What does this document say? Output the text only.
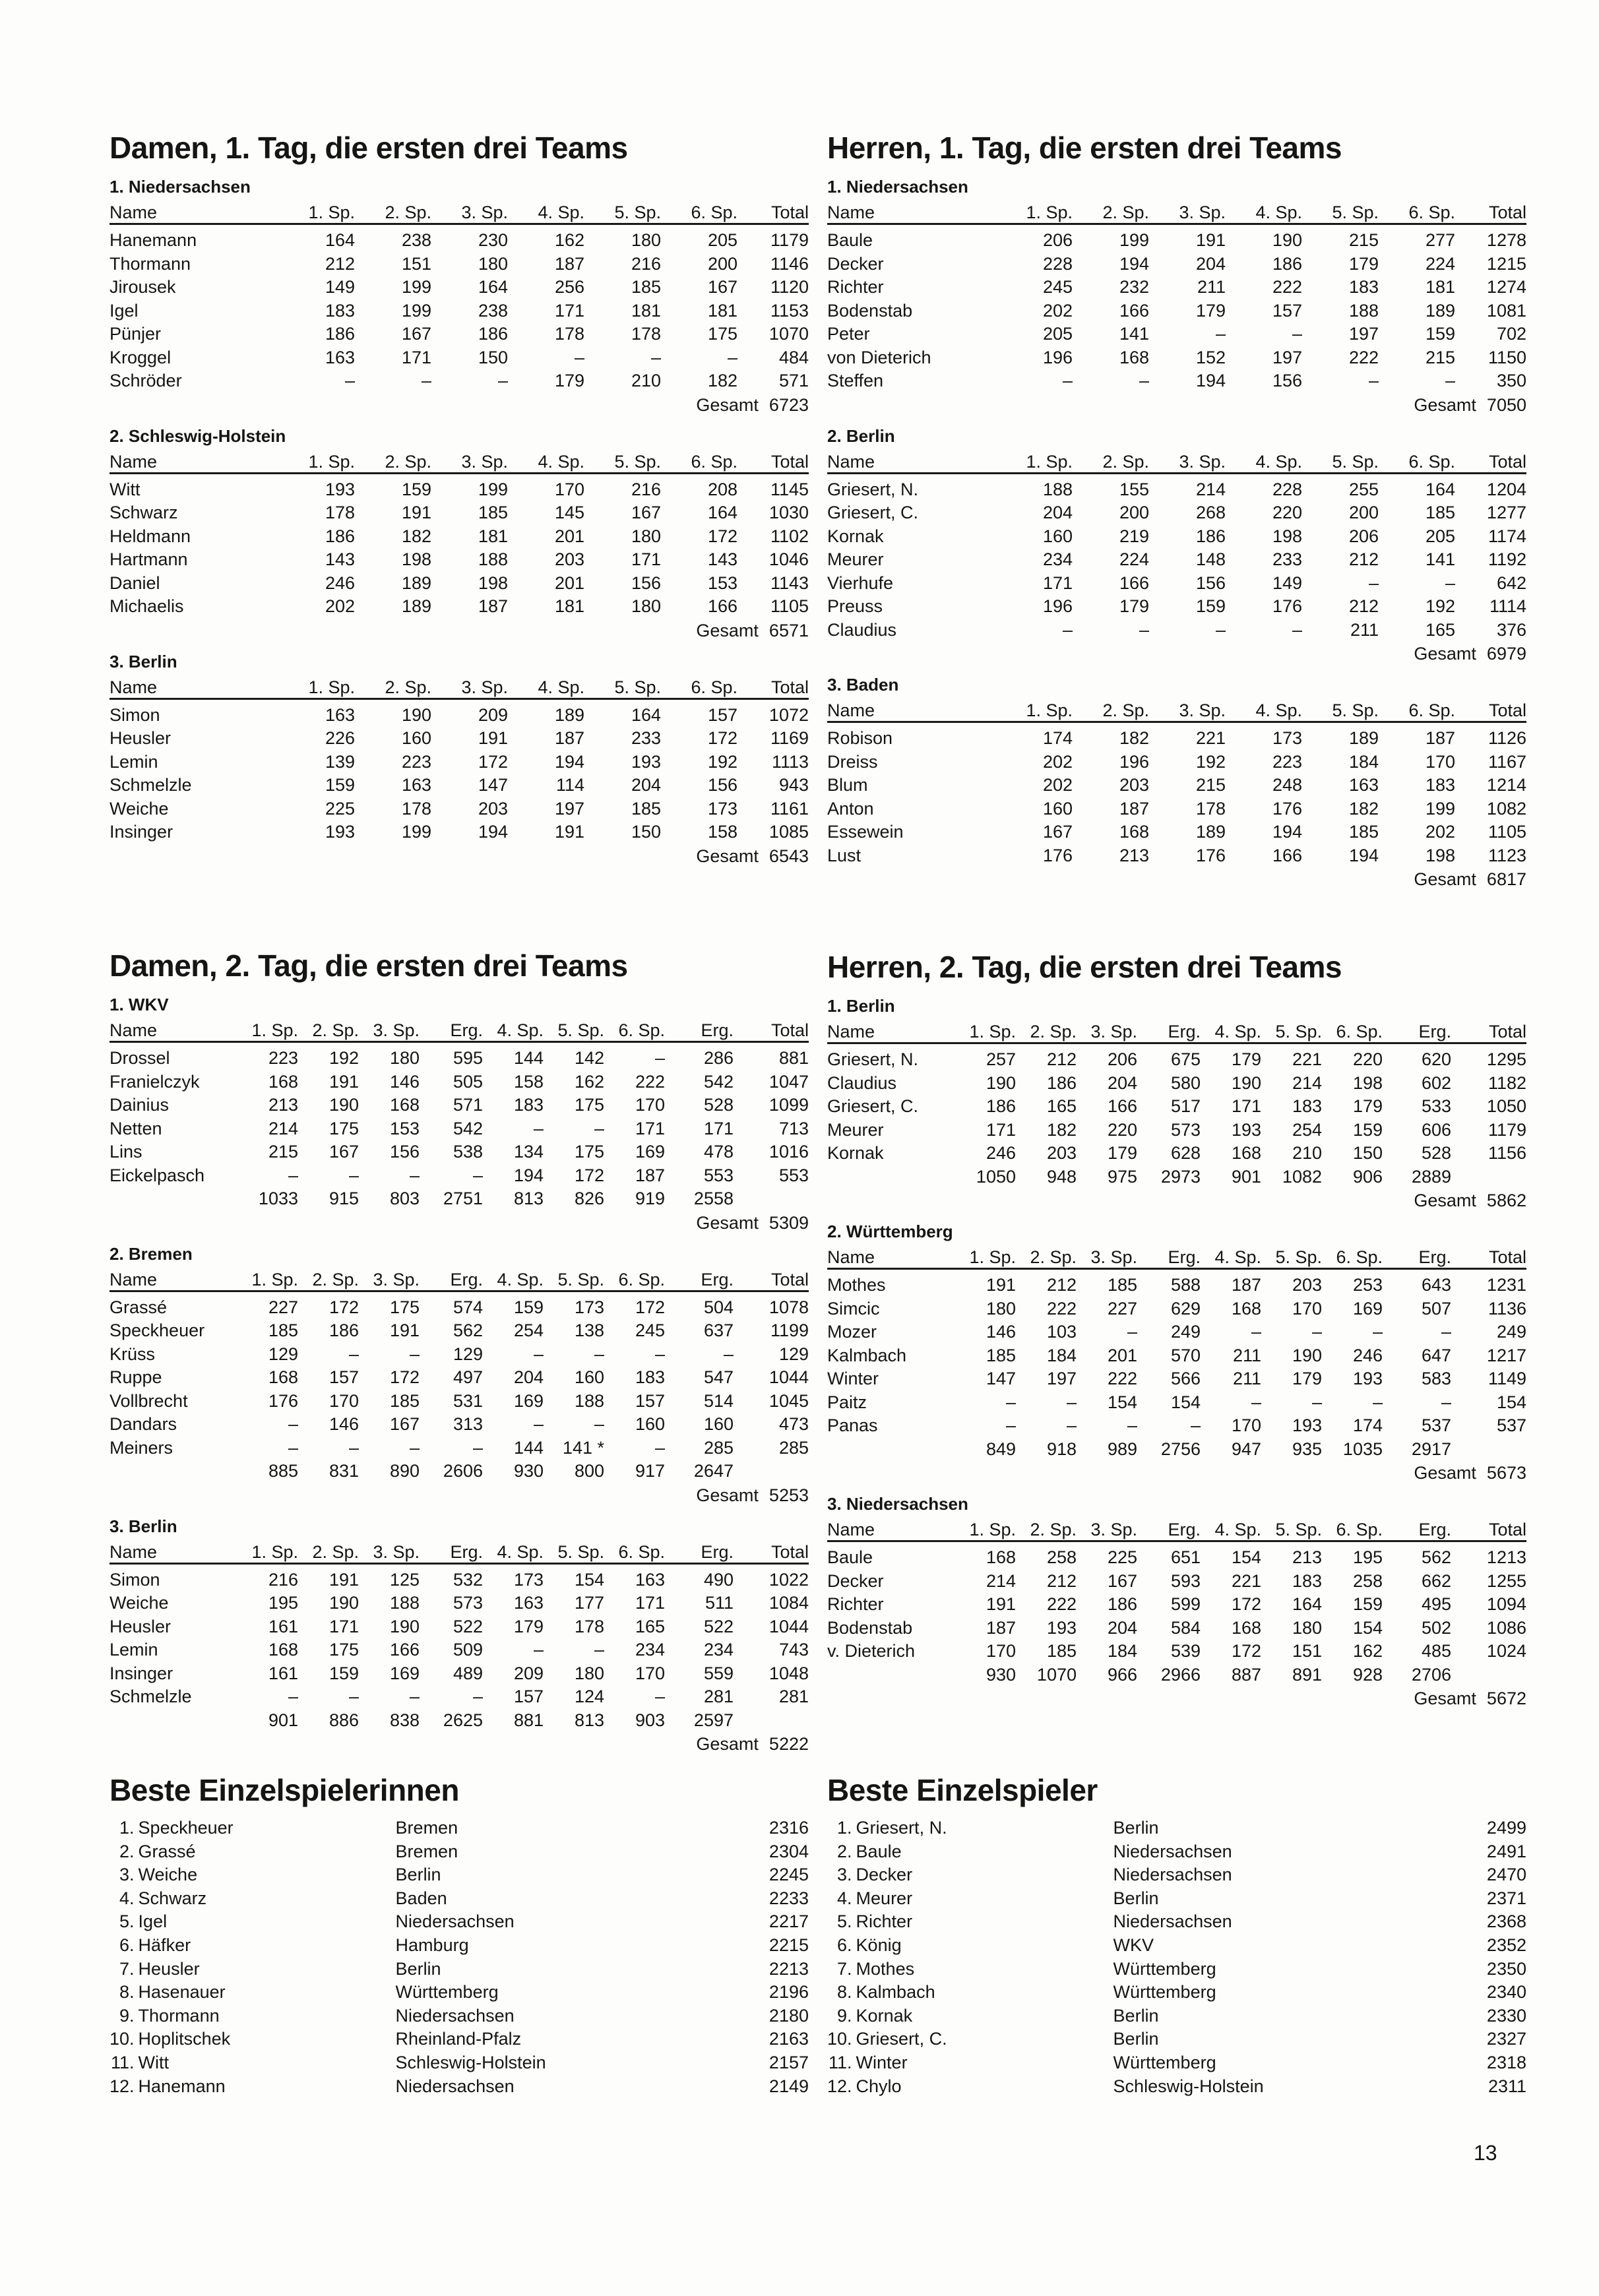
Damen, 1. Tag, die ersten drei Teams
1. Niedersachsen
Name	1. Sp.	2. Sp.	3. Sp.	4. Sp.	5. Sp.	6. Sp.	Total
Hanemann	164	238	230	162	180	205	1179
Thormann	212	151	180	187	216	200	1146
Jirousek	149	199	164	256	185	167	1120
Igel	183	199	238	171	181	181	1153
Pünjer	186	167	186	178	178	175	1070
Kroggel	163	171	150	–	–	–	484
Schröder	–	–	–	179	210	182	571
Gesamt 6723
2. Schleswig-Holstein
Name	1. Sp.	2. Sp.	3. Sp.	4. Sp.	5. Sp.	6. Sp.	Total
Witt	193	159	199	170	216	208	1145
Schwarz	178	191	185	145	167	164	1030
Heldmann	186	182	181	201	180	172	1102
Hartmann	143	198	188	203	171	143	1046
Daniel	246	189	198	201	156	153	1143
Michaelis	202	189	187	181	180	166	1105
Gesamt 6571
3. Berlin
Name	1. Sp.	2. Sp.	3. Sp.	4. Sp.	5. Sp.	6. Sp.	Total
Simon	163	190	209	189	164	157	1072
Heusler	226	160	191	187	233	172	1169
Lemin	139	223	172	194	193	192	1113
Schmelzle	159	163	147	114	204	156	943
Weiche	225	178	203	197	185	173	1161
Insinger	193	199	194	191	150	158	1085
Gesamt 6543
Herren, 1. Tag, die ersten drei Teams
1. Niedersachsen
Name	1. Sp.	2. Sp.	3. Sp.	4. Sp.	5. Sp.	6. Sp.	Total
Baule	206	199	191	190	215	277	1278
Decker	228	194	204	186	179	224	1215
Richter	245	232	211	222	183	181	1274
Bodenstab	202	166	179	157	188	189	1081
Peter	205	141	–	–	197	159	702
von Dieterich	196	168	152	197	222	215	1150
Steffen	–	–	194	156	–	–	350
Gesamt 7050
2. Berlin
Name	1. Sp.	2. Sp.	3. Sp.	4. Sp.	5. Sp.	6. Sp.	Total
Griesert, N.	188	155	214	228	255	164	1204
Griesert, C.	204	200	268	220	200	185	1277
Kornak	160	219	186	198	206	205	1174
Meurer	234	224	148	233	212	141	1192
Vierhufe	171	166	156	149	–	–	642
Preuss	196	179	159	176	212	192	1114
Claudius	–	–	–	–	211	165	376
Gesamt 6979
3. Baden
Name	1. Sp.	2. Sp.	3. Sp.	4. Sp.	5. Sp.	6. Sp.	Total
Robison	174	182	221	173	189	187	1126
Dreiss	202	196	192	223	184	170	1167
Blum	202	203	215	248	163	183	1214
Anton	160	187	178	176	182	199	1082
Essewein	167	168	189	194	185	202	1105
Lust	176	213	176	166	194	198	1123
Gesamt 6817
Damen, 2. Tag, die ersten drei Teams
1. WKV
Name	1. Sp.	2. Sp.	3. Sp.	Erg.	4. Sp.	5. Sp.	6. Sp.	Erg.	Total
Drossel	223	192	180	595	144	142	–	286	881
Franielczyk	168	191	146	505	158	162	222	542	1047
Dainius	213	190	168	571	183	175	170	528	1099
Netten	214	175	153	542	–	–	171	171	713
Lins	215	167	156	538	134	175	169	478	1016
Eickelpasch	–	–	–	–	194	172	187	553	553
	1033	915	803	2751	813	826	919	2558	
Gesamt 5309
2. Bremen
Name	1. Sp.	2. Sp.	3. Sp.	Erg.	4. Sp.	5. Sp.	6. Sp.	Erg.	Total
Grassé	227	172	175	574	159	173	172	504	1078
Speckheuer	185	186	191	562	254	138	245	637	1199
Krüss	129	–	–	129	–	–	–	–	129
Ruppe	168	157	172	497	204	160	183	547	1044
Vollbrecht	176	170	185	531	169	188	157	514	1045
Dandars	–	146	167	313	–	–	160	160	473
Meiners	–	–	–	–	144	141 *	–	285	285
	885	831	890	2606	930	800	917	2647	
Gesamt 5253
3. Berlin
Name	1. Sp.	2. Sp.	3. Sp.	Erg.	4. Sp.	5. Sp.	6. Sp.	Erg.	Total
Simon	216	191	125	532	173	154	163	490	1022
Weiche	195	190	188	573	163	177	171	511	1084
Heusler	161	171	190	522	179	178	165	522	1044
Lemin	168	175	166	509	–	–	234	234	743
Insinger	161	159	169	489	209	180	170	559	1048
Schmelzle	–	–	–	–	157	124	–	281	281
	901	886	838	2625	881	813	903	2597	
Gesamt 5222
Herren, 2. Tag, die ersten drei Teams
1. Berlin
Name	1. Sp.	2. Sp.	3. Sp.	Erg.	4. Sp.	5. Sp.	6. Sp.	Erg.	Total
Griesert, N.	257	212	206	675	179	221	220	620	1295
Claudius	190	186	204	580	190	214	198	602	1182
Griesert, C.	186	165	166	517	171	183	179	533	1050
Meurer	171	182	220	573	193	254	159	606	1179
Kornak	246	203	179	628	168	210	150	528	1156
	1050	948	975	2973	901	1082	906	2889	
Gesamt 5862
2. Württemberg
Name	1. Sp.	2. Sp.	3. Sp.	Erg.	4. Sp.	5. Sp.	6. Sp.	Erg.	Total
Mothes	191	212	185	588	187	203	253	643	1231
Simcic	180	222	227	629	168	170	169	507	1136
Mozer	146	103	–	249	–	–	–	–	249
Kalmbach	185	184	201	570	211	190	246	647	1217
Winter	147	197	222	566	211	179	193	583	1149
Paitz	–	–	154	154	–	–	–	–	154
Panas	–	–	–	–	170	193	174	537	537
	849	918	989	2756	947	935	1035	2917	
Gesamt 5673
3. Niedersachsen
Name	1. Sp.	2. Sp.	3. Sp.	Erg.	4. Sp.	5. Sp.	6. Sp.	Erg.	Total
Baule	168	258	225	651	154	213	195	562	1213
Decker	214	212	167	593	221	183	258	662	1255
Richter	191	222	186	599	172	164	159	495	1094
Bodenstab	187	193	204	584	168	180	154	502	1086
v. Dieterich	170	185	184	539	172	151	162	485	1024
	930	1070	966	2966	887	891	928	2706	
Gesamt 5672
Beste Einzelspielerinnen
1.	Speckheuer	Bremen	2316
2.	Grassé	Bremen	2304
3.	Weiche	Berlin	2245
4.	Schwarz	Baden	2233
5.	Igel	Niedersachsen	2217
6.	Häfker	Hamburg	2215
7.	Heusler	Berlin	2213
8.	Hasenauer	Württemberg	2196
9.	Thormann	Niedersachsen	2180
10.	Hoplitschek	Rheinland-Pfalz	2163
11.	Witt	Schleswig-Holstein	2157
12.	Hanemann	Niedersachsen	2149
Beste Einzelspieler
1.	Griesert, N.	Berlin	2499
2.	Baule	Niedersachsen	2491
3.	Decker	Niedersachsen	2470
4.	Meurer	Berlin	2371
5.	Richter	Niedersachsen	2368
6.	König	WKV	2352
7.	Mothes	Württemberg	2350
8.	Kalmbach	Württemberg	2340
9.	Kornak	Berlin	2330
10.	Griesert, C.	Berlin	2327
11.	Winter	Württemberg	2318
12.	Chylo	Schleswig-Holstein	2311
13
